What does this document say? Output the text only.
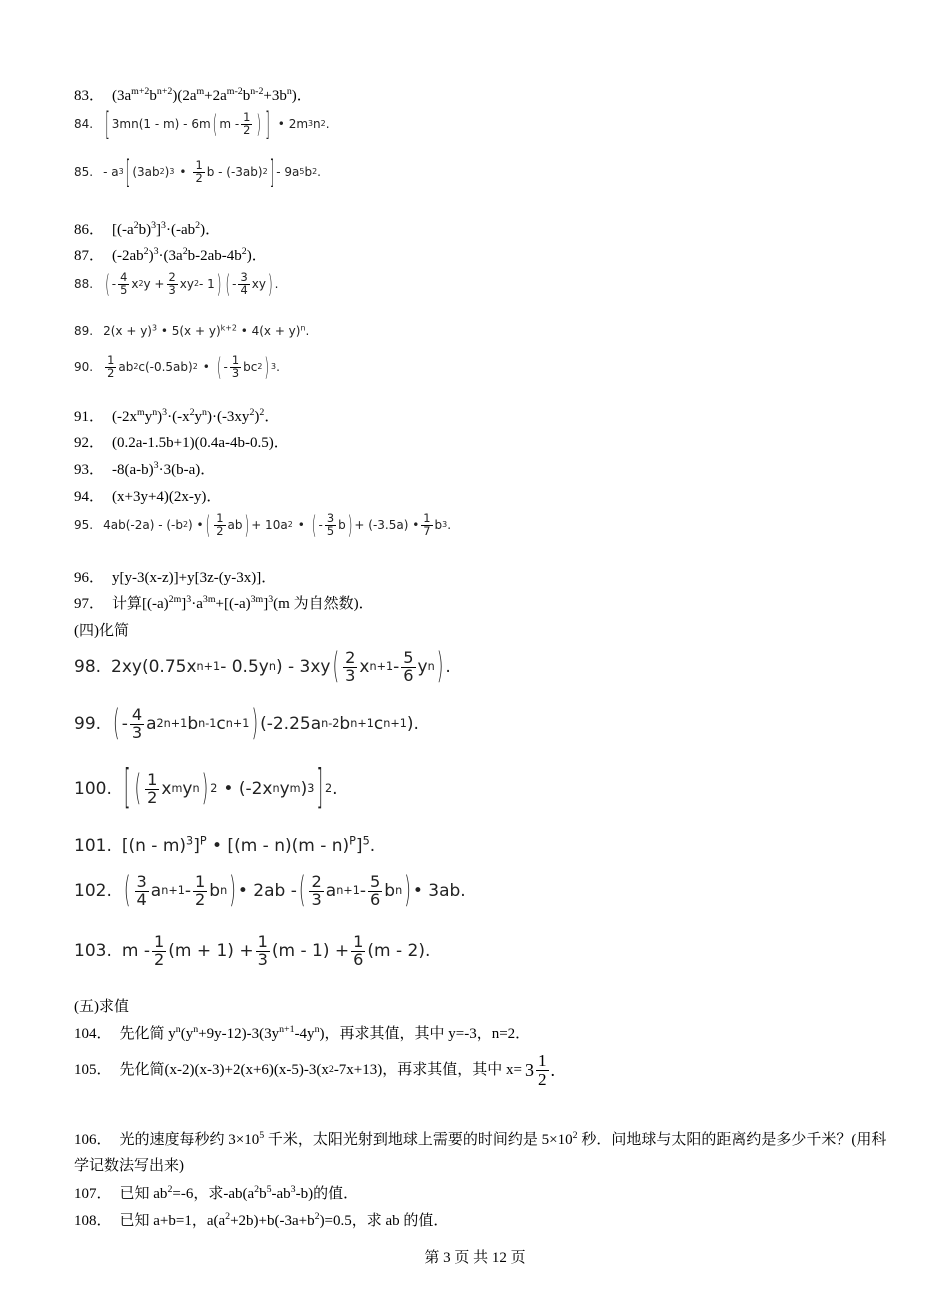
83． $(3a^{m+2}b^{n+2})(2a^m+2a^{m-2}b^{n-2}+3b^n)$．
84. [ 3mn(1 - m) - 6m ( m - $\frac{1}{2}$ ) ] • 2m 3 n 2 .
85. - a 3 [ (3ab 2 ) 3 • $\frac{1}{2}$ b - (-3ab) 2 ] - 9a 5 b 2 .
86． $[(-a^2b)^3]^3\cdot(-ab^2)$．
87． $(-2ab^2)^3\cdot(3a^2b-2ab-4b^2)$．
88. ( - $\frac{4}{5}$ x 2 $y + \frac{2}{3}$ xy 2 - 1 ) ( - $\frac{3}{4}$ xy ) .
89. $2(x + y)^3$ • $5(x + y)^{k+2}$ • $4(x + y)^n$.
90. $\frac{1}{2}$ ab 2 c(-0.5ab) 2 • ( - $\frac{1}{3}$ bc 2 ) 3 .
91． $(-2x^my^n)^3\cdot(-x^2y^n)\cdot(-3xy^2)^2$．
92． (0.2a-1.5b+1)(0.4a-4b-0.5)．
93． $-8(a-b)^3\cdot 3(b-a)$．
94． (x+3y+4)(2x-y)．
95. 4ab(-2a) - (-b 2 ) • ( $\frac{1}{2}$ ab ) + 10a 2 • ( - $\frac{3}{5}$ b ) + (-3.5a) • $\frac{1}{7}$ b 3 .
96． y[y-3(x-z)]+y[3z-(y-3x)]．
97． 计算$[(-a)^{2m}]^3\cdot a^{3m}+[(-a)^{3m}]^3(m$ 为自然数)．
(四)化简
98. 2xy(0.75x n+1 - 0.5y n ) - 3xy ( $\frac{2}{3}$ x $n+1 - \frac{5}{6}$ y n ) .
99. ( - $\frac{4}{3}$ a 2n+1 b n-1 c n+1 ) (-2.25a n-2 b n+1 c n+1 ).
100. [ ( $\frac{1}{2}$ x m y n ) 2 • (-2x n y m ) 3 ] 2 .
101. [(n - m)$^3$]$^P$ • [(m - n)(m - n)$^P$]$^5$.
102. ( $\frac{3}{4}$ a $n+1 - \frac{1}{2}$ b n ) • 2ab - ( $\frac{2}{3}$ a $n+1 - \frac{5}{6}$ b n ) • 3ab.
103. $m - \frac{1}{2} (m + 1) + \frac{1}{3} (m - 1) + \frac{1}{6} (m - 2)$.
(五)求值
104． 先化简 $y^n(y^n+9y-12)-3(3y^{n+1}-4y^n)$，再求其值，其中 y=-3，n=2．
105． 先化简(x-2)(x-3)+2(x+6)(x-5)-3(x 2 -7x+13)，再求其值，其中 $x= 3 \frac{1}{2}$ .
106． 光的速度每秒约 $3\times 10^5$ 千米，太阳光射到地球上需要的时间约是 $5\times 10^2$ 秒．问地球与太阳的距离约是多少千米？(用科学记数法写出来)
107． 已知 $ab^2=-6$，求$-ab(a^2b^5-ab^3-b)$的值．
108． 已知 a+b=1，$a(a^2+2b)+b(-3a+b^2)=0.5$，求 ab 的值．
第 3 页 共 12 页
